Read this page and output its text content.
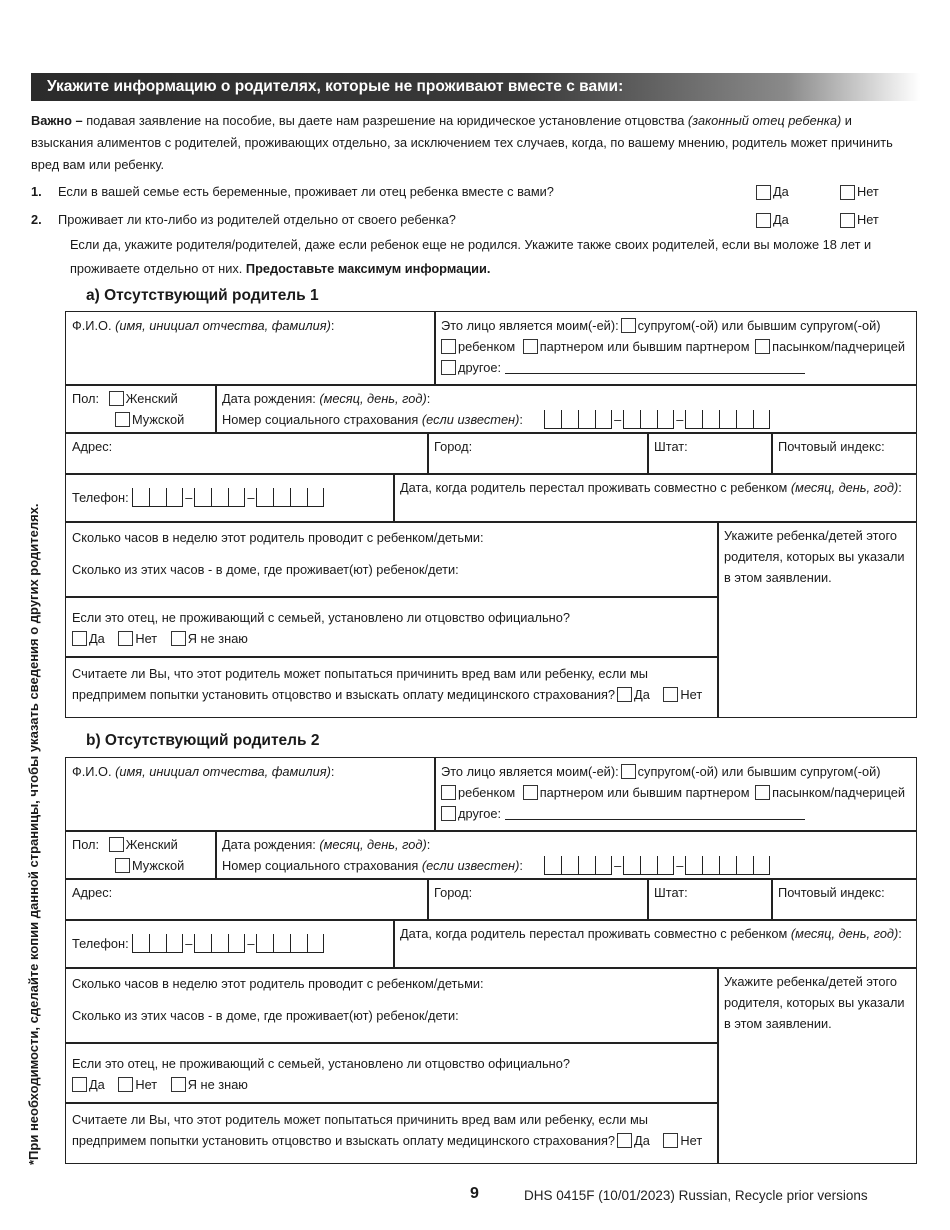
Укажите информацию о родителях, которые не проживают вместе с вами:
Важно – подавая заявление на пособие, вы даете нам разрешение на юридическое установление отцовства (законный отец ребенка) и взыскания алиментов с родителей, проживающих отдельно, за исключением тех случаев, когда, по вашему мнению, родитель может причинить вред вам или ребенку.
1. Если в вашей семье есть беременные, проживает ли отец ребенка вместе с вами?	Да	Нет
2. Проживает ли кто-либо из родителей отдельно от своего ребенка?	Да	Нет
Если да, укажите родителя/родителей, даже если ребенок еще не родился. Укажите также своих родителей, если вы моложе 18 лет и проживаете отдельно от них. Предоставьте максимум информации.
*При необходимости, сделайте копии данной страницы, чтобы указать сведения о других родителях.
a) Отсутствующий родитель 1
Ф.И.О. (имя, инициал отчества, фамилия):	Это лицо является моим(-ей): супругом(-ой) или бывшим супругом(-ой)
ребенком партнером или бывшим партнером пасынком/падчерицей
другое:
Пол: Женский
Мужской
Дата рождения: (месяц, день, год):
Номер социального страхования (если известен):	–	–
Адрес:	Город:	Штат:	Почтовый индекс:
Телефон:	–	–
Дата, когда родитель перестал проживать совместно с ребенком (месяц, день, год):
Сколько часов в неделю этот родитель проводит с ребенком/детьми:
Сколько из этих часов - в доме, где проживает(ют) ребенок/дети:
Укажите ребенка/детей этого родителя, которых вы указали в этом заявлении.
Если это отец, не проживающий с семьей, установлено ли отцовство официально?
Да Нет Я не знаю
Считаете ли Вы, что этот родитель может попытаться причинить вред вам или ребенку, если мы предпримем попытки установить отцовство и взыскать оплату медицинского страхования? Да Нет
b) Отсутствующий родитель 2
Ф.И.О. (имя, инициал отчества, фамилия):	Это лицо является моим(-ей): супругом(-ой) или бывшим супругом(-ой)
ребенком партнером или бывшим партнером пасынком/падчерицей
другое:
Пол: Женский
Мужской
Дата рождения: (месяц, день, год):
Номер социального страхования (если известен):	–	–
Адрес:	Город:	Штат:	Почтовый индекс:
Телефон:	–	–
Дата, когда родитель перестал проживать совместно с ребенком (месяц, день, год):
Сколько часов в неделю этот родитель проводит с ребенком/детьми:
Сколько из этих часов - в доме, где проживает(ют) ребенок/дети:
Укажите ребенка/детей этого родителя, которых вы указали в этом заявлении.
Если это отец, не проживающий с семьей, установлено ли отцовство официально?
Да Нет Я не знаю
Считаете ли Вы, что этот родитель может попытаться причинить вред вам или ребенку, если мы предпримем попытки установить отцовство и взыскать оплату медицинского страхования? Да Нет
9	DHS 0415F (10/01/2023) Russian, Recycle prior versions
